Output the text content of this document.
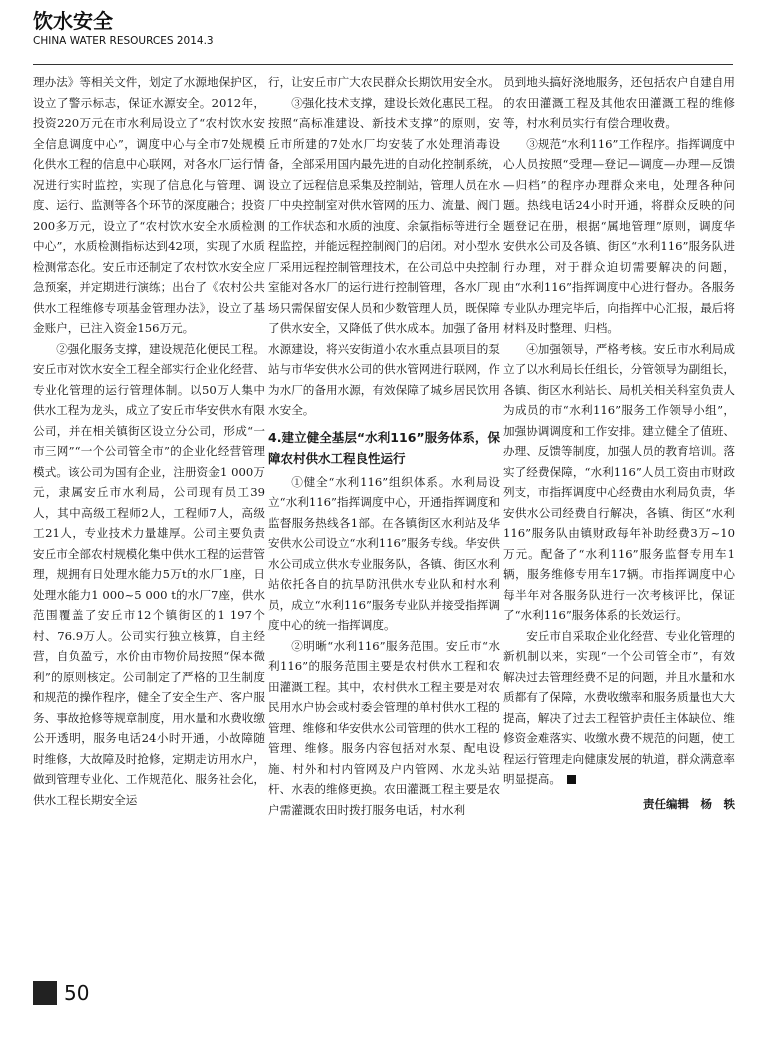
饮水安全
CHINA WATER RESOURCES 2014.3

理办法》等相关文件，划定了水源地保护区，设立了警示标志，保证水源安全。2012年，投资220万元在市水利局设立了“农村饮水安全信息调度中心”，调度中心与全市7处规模化供水工程的信息中心联网，对各水厂运行情况进行实时监控，实现了信息化与管理、调度、运行、监测等各个环节的深度融合；投资200多万元，设立了“农村饮水安全水质检测中心”，水质检测指标达到42项，实现了水质检测常态化。安丘市还制定了农村饮水安全应急预案，并定期进行演练；出台了《农村公共供水工程维修专项基金管理办法》，设立了基金账户，已注入资金156万元。

②强化服务支撑，建设规范化便民工程。安丘市对饮水安全工程全部实行企业化经营、专业化管理的运行管理体制。以50万人集中供水工程为龙头，成立了安丘市华安供水有限公司，并在相关镇街区设立分公司，形成“一市三网”“一个公司管全市”的企业化经营管理模式。该公司为国有企业，注册资金1 000万元，隶属安丘市水利局，公司现有员工39人，其中高级工程师2人，工程师7人，高级工21人，专业技术力量雄厚。公司主要负责安丘市全部农村规模化集中供水工程的运营管理，规拥有日处理水能力5万t的水厂1座，日处理水能力1 000~5 000 t的水厂7座，供水范围覆盖了安丘市12个镇街区的1 197个村、76.9万人。公司实行独立核算，自主经营，自负盈亏，水价由市物价局按照“保本微利”的原则核定。公司制定了严格的卫生制度和规范的操作程序，健全了安全生产、客户服务、事故抢修等规章制度，用水量和水费收缴公开透明，服务电话24小时开通，小故障随时维修，大故障及时抢修，定期走访用水户，做到管理专业化、工作规范化、服务社会化，供水工程长期安全运

行，让安丘市广大农民群众长期饮用安全水。

③强化技术支撑，建设长效化惠民工程。按照“高标准建设、新技术支撑”的原则，安丘市所建的7处水厂均安装了水处理消毒设备，全部采用国内最先进的自动化控制系统，设立了远程信息采集及控制站，管理人员在水厂中央控制室对供水管网的压力、流量、阀门的工作状态和水质的浊度、余氯指标等进行全程监控，并能远程控制阀门的启闭。对小型水厂采用远程控制管理技术，在公司总中央控制室能对各水厂的运行进行控制管理，各水厂现场只需保留安保人员和少数管理人员，既保障了供水安全，又降低了供水成本。加强了备用水源建设，将兴安街道小农水重点县项目的泵站与市华安供水公司的供水管网进行联网，作为水厂的备用水源，有效保障了城乡居民饮用水安全。

4.建立健全基层“水利116”服务体系，保障农村供水工程良性运行

①健全“水利116”组织体系。水利局设立“水利116”指挥调度中心，开通指挥调度和监督服务热线各1部。在各镇街区水利站及华安供水公司设立“水利116”服务专线。华安供水公司成立供水专业服务队，各镇、街区水利站依托各自的抗旱防汛供水专业队和村水利员，成立“水利116”服务专业队并接受指挥调度中心的统一指挥调度。

②明晰“水利116”服务范围。安丘市“水利116”的服务范围主要是农村供水工程和农田灌溉工程。其中，农村供水工程主要是对农民用水户协会或村委会管理的单村供水工程的管理、维修和华安供水公司管理的供水工程的管理、维修。服务内容包括对水泵、配电设施、村外和村内管网及户内管网、水龙头站杆、水表的维修更换。农田灌溉工程主要是农户需灌溉农田时拨打服务电话，村水利

员到地头搞好浇地服务，还包括农户自建自用的农田灌溉工程及其他农田灌溉工程的维修等，村水利员实行有偿合理收费。

③规范“水利116”工作程序。指挥调度中心人员按照“受理—登记—调度—办理—反馈—归档”的程序办理群众来电，处理各种问题。热线电话24小时开通，将群众反映的问题登记在册，根据“属地管理”原则，调度华安供水公司及各镇、街区“水利116”服务队进行办理，对于群众迫切需要解决的问题，由“水利116”指挥调度中心进行督办。各服务专业队办理完毕后，向指挥中心汇报，最后将材料及时整理、归档。

④加强领导，严格考核。安丘市水利局成立了以水利局长任组长，分管领导为副组长，各镇、街区水利站长、局机关相关科室负责人为成员的市“水利116”服务工作领导小组”，加强协调调度和工作安排。建立健全了值班、办理、反馈等制度，加强人员的教育培训。落实了经费保障，“水利116”人员工资由市财政列支，市指挥调度中心经费由水利局负责，华安供水公司经费自行解决，各镇、街区“水利116”服务队由镇财政每年补助经费3万~10万元。配备了“水利116”服务监督专用车1辆，服务维修专用车17辆。市指挥调度中心每半年对各服务队进行一次考核评比，保证了“水利116”服务体系的长效运行。

安丘市自采取企业化经营、专业化管理的新机制以来，实现“一个公司管全市”，有效解决过去管理经费不足的问题，并且水量和水质都有了保障，水费收缴率和服务质量也大大提高，解决了过去工程管护责任主体缺位、维修资金难落实、收缴水费不规范的问题，使工程运行管理走向健康发展的轨道，群众满意率明显提高。

责任编辑　杨　轶
50
